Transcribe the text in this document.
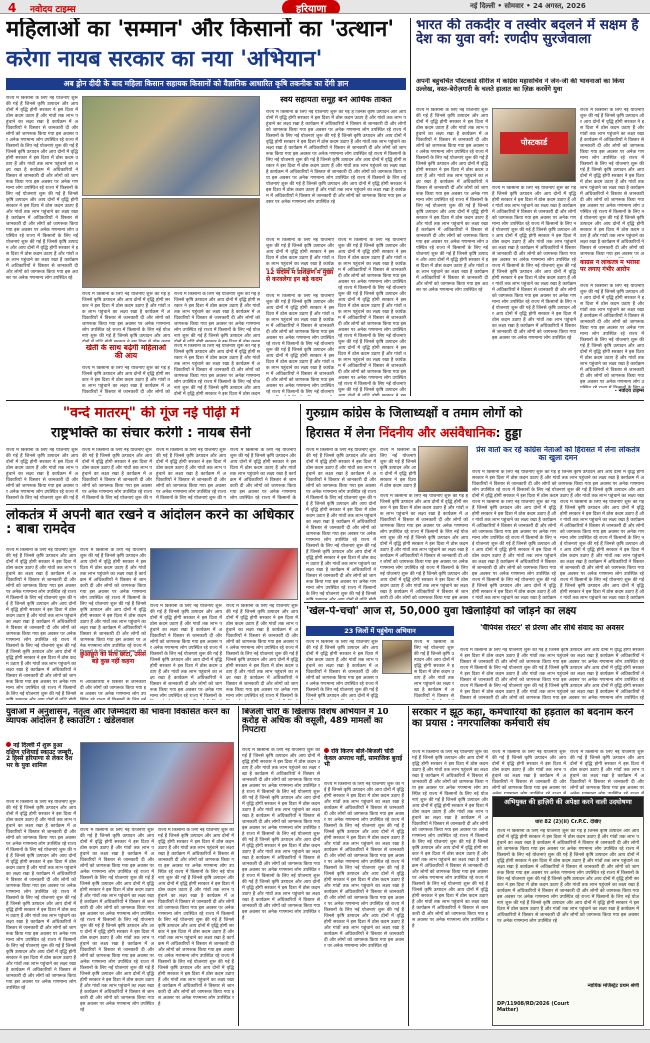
4 नवोदय टाइम्स	हरियाणा	नई दिल्ली • सोमवार • 24 अगस्त, 2026
महिलाओं का 'सम्मान' और किसानों का 'उत्थान'
करेगा नायब सरकार का नया 'अभियान'
अब ड्रोन दीदी के बाद महिला किसान सहायक किसानों को वैज्ञानिक आधारित कृषि तकनीक का देंगी ज्ञान
राज्य में किसानों के लिए नई योजनाएं शुरू की गई हैं जिनसे कृषि उत्पादन और आय दोनों में वृद्धि होगी सरकार ने इस दिशा में ठोस कदम उठाए हैं और गांवों तक लाभ पहुंचाने का लक्ष्य रखा है कार्यक्रम में अधिकारियों ने विस्तार से जानकारी दी और लोगों को जागरूक किया गया इस अवसर पर अनेक गणमान्य लोग उपस्थित रहे राज्य में किसानों के लिए नई योजनाएं शुरू की गई हैं जिनसे कृषि उत्पादन और आय दोनों में वृद्धि होगी सरकार ने इस दिशा में ठोस कदम उठाए हैं और गांवों तक लाभ पहुंचाने का लक्ष्य रखा है कार्यक्रम में अधिकारियों ने विस्तार से जानकारी दी और लोगों को जागरूक किया गया इस अवसर पर अनेक गणमान्य लोग उपस्थित रहे राज्य में किसानों के लिए नई योजनाएं शुरू की गई हैं जिनसे कृषि उत्पादन और आय दोनों में वृद्धि होगी सरकार ने इस दिशा में ठोस कदम उठाए हैं और गांवों तक लाभ पहुंचाने का लक्ष्य रखा है कार्यक्रम में अधिकारियों ने विस्तार से जानकारी दी और लोगों को जागरूक किया गया इस अवसर पर अनेक गणमान्य लोग उपस्थित रहे राज्य में किसानों के लिए नई योजनाएं शुरू की गई हैं जिनसे कृषि उत्पादन और आय दोनों में वृद्धि होगी सरकार ने इस दिशा में ठोस कदम उठाए हैं और गांवों तक लाभ पहुंचाने का लक्ष्य रखा है कार्यक्रम में अधिकारियों ने विस्तार से जानकारी दी और लोगों को जागरूक किया गया इस अवसर पर अनेक गणमान्य लोग उपस्थित रहे
राज्य में किसानों के लिए नई योजनाएं शुरू की गई हैं जिनसे कृषि उत्पादन और आय दोनों में वृद्धि होगी सरकार ने इस दिशा में ठोस कदम उठाए हैं और गांवों तक लाभ पहुंचाने का लक्ष्य रखा है कार्यक्रम में अधिकारियों ने विस्तार से जानकारी दी और लोगों को जागरूक किया गया इस अवसर पर अनेक गणमान्य लोग उपस्थित रहे राज्य में किसानों के लिए नई योजनाएं शुरू की गई हैं जिनसे कृषि उत्पादन और आय दोनों में वृद्धि होगी सरकार ने इस दिशा में ठोस कदम उठाए हैं और गांवों तक लाभ पहुंचाने का लक्ष्य रखा है कार्यक्रम में अधिकारियों ने विस्तार से जानकारी दी और लोगों को जागरूक किया गया इस अवसर पर अनेक गणमान्य लोग उपस्थित रहे राज्य में किसानों के लिए नई योजनाएं शुरू की गई हैं जिनसे कृषि उत्पादन और आय दोनों में वृद्धि होगी सरकार ने इस दिशा में ठोस कदम उठाए हैं और गांवों तक लाभ पहुंचाने का लक्ष्य रखा है कार्यक्रम में अधिकारियों ने विस्तार से जानकारी दी और लोगों को जागरूक किया गया इस अवसर पर अनेक गणमान्य लोग उपस्थित रहे राज्य में किसानों के लिए नई योजनाएं शुरू की गई हैं जिनसे कृषि उत्पादन और आय दोनों में वृद्धि होगी सरकार ने इस दिशा में ठोस कदम उठाए हैं और गांवों तक लाभ पहुंचाने का लक्ष्य रखा है कार्यक्रम में अधिकारियों ने विस्तार से जानकारी दी और लोगों को जागरूक किया गया इस अवसर पर अनेक गणमान्य लोग उपस्थित रहे
राज्य में किसानों के लिए नई योजनाएं शुरू की गई हैं जिनसे कृषि उत्पादन और आय दोनों में वृद्धि होगी सरकार ने इस दिशा में ठोस कदम उठाए हैं और गांवों तक लाभ पहुंचाने का लक्ष्य रखा है कार्यक्रम में अधिकारियों ने विस्तार से जानकारी दी और लोगों को जागरूक किया गया इस अवसर पर अनेक गणमान्य लोग उपस्थित रहे राज्य में किसानों के लिए नई योजनाएं शुरू की गई हैं जिनसे कृषि उत्पादन और आय दोनों में वृद्धि होगी सरकार ने इस दिशा में ठोस कदम उठाए हैं और गांवों तक लाभ पहुंचाने का लक्ष्य रखा है कार्यक्रम में अधिकारियों ने विस्तार से जानकारी दी और लोगों को जागरूक किया गया इस अवसर पर अनेक गणमान्य लोग उपस्थित रहे राज्य में किसानों के लिए नई योजनाएं शुरू की गई हैं जिनसे कृषि उत्पादन और आय दोनों में वृद्धि होगी सरकार ने इस दिशा में ठोस कदम उठाए हैं और गांवों तक लाभ पहुंचाने का लक्ष्य रखा है कार्यक्रम में अधिकारियों ने विस्तार से जानकारी दी और लोगों को जागरूक किया गया इस अवसर पर अनेक गणमान्य लोग उपस्थित रहे राज्य में किसानों के लिए नई योजनाएं शुरू की गई हैं जिनसे कृषि उत्पादन और आय दोनों में वृद्धि होगी सरकार ने इस दिशा में ठोस कदम उठाए हैं और गांवों तक लाभ पहुंचाने का लक्ष्य रखा है कार्यक्रम में अधिकारियों ने विस्तार से जानकारी दी और लोगों को जागरूक किया गया इस अवसर पर अनेक गणमान्य लोग उपस्थित रहे
खेती के साथ बढ़ेगी महिलाओं की आय
राज्य में किसानों के लिए नई योजनाएं शुरू की गई हैं जिनसे कृषि उत्पादन और आय दोनों में वृद्धि होगी सरकार ने इस दिशा में ठोस कदम उठाए हैं और गांवों तक लाभ पहुंचाने का लक्ष्य रखा है कार्यक्रम में अधिकारियों ने विस्तार से जानकारी दी और लोगों को जागरूक किया गया इस अवसर पर अनेक गणमान्य लोग उपस्थित रहे राज्य में किसानों के लिए नई योजनाएं शुरू की गई हैं जिनसे कृषि उत्पादन और आय दोनों में वृद्धि होगी सरकार ने इस दिशा में ठोस कदम उठाए हैं और गांवों तक लाभ पहुंचाने का लक्ष्य रखा है कार्यक्रम में अधिकारियों ने विस्तार से जानकारी दी और लोगों को जागरूक किया गया इस अवसर पर अनेक गणमान्य लोग उपस्थित रहे राज्य में किसानों के लिए नई योजनाएं शुरू की गई हैं जिनसे कृषि उत्पादन और आय दोनों में वृद्धि होगी सरकार ने इस दिशा में ठोस कदम उठाए हैं और गांवों तक लाभ पहुंचाने का लक्ष्य रखा है कार्यक्रम में अधिकारियों ने विस्तार से जानकारी दी और लोगों को जागरूक किया गया इस अवसर पर अनेक गणमान्य लोग उपस्थित रहे राज्य में किसानों के लिए नई योजनाएं शुरू की गई हैं जिनसे कृषि उत्पादन और आय दोनों में वृद्धि होगी सरकार ने इस दिशा में ठोस कदम उठाए हैं और गांवों तक लाभ पहुंचाने का लक्ष्य रखा है कार्यक्रम में अधिकारियों ने विस्तार से जानकारी दी और लोगों को जागरूक किया गया इस अवसर पर अनेक गणमान्य लोग उपस्थित रहे
राज्य में किसानों के लिए नई योजनाएं शुरू की गई हैं जिनसे कृषि उत्पादन और आय दोनों में वृद्धि होगी सरकार ने इस दिशा में ठोस कदम उठाए हैं और गांवों तक लाभ पहुंचाने का लक्ष्य रखा है कार्यक्रम में अधिकारियों ने विस्तार से जानकारी दी और लोगों को जागरूक किया गया इस अवसर पर अनेक गणमान्य लोग उपस्थित रहे राज्य में किसानों के लिए नई योजनाएं शुरू की गई हैं जिनसे कृषि उत्पादन और आय दोनों में वृद्धि होगी सरकार ने इस दिशा में ठोस कदम उठाए हैं और गांवों तक लाभ पहुंचाने का लक्ष्य रखा है कार्यक्रम में अधिकारियों ने विस्तार से जानकारी दी और लोगों को जागरूक किया गया इस अवसर पर अनेक गणमान्य लोग उपस्थित रहे राज्य में किसानों के लिए नई योजनाएं शुरू की गई हैं जिनसे कृषि उत्पादन और आय दोनों में वृद्धि होगी सरकार ने इस दिशा में ठोस कदम उठाए हैं और गांवों तक लाभ पहुंचाने का लक्ष्य रखा है कार्यक्रम में अधिकारियों ने विस्तार से जानकारी दी और लोगों को जागरूक किया गया इस अवसर पर अनेक गणमान्य लोग उपस्थित रहे राज्य में किसानों के लिए नई योजनाएं शुरू की गई हैं जिनसे कृषि उत्पादन और आय दोनों में वृद्धि होगी सरकार ने इस दिशा में ठोस कदम उठाए हैं और गांवों तक लाभ पहुंचाने का लक्ष्य रखा है कार्यक्रम में अधिकारियों ने विस्तार से जानकारी दी और लोगों को जागरूक किया गया इस अवसर पर अनेक गणमान्य लोग उपस्थित रहे
स्वयं सहायता समूह बने आर्थिक ताकत
राज्य में किसानों के लिए नई योजनाएं शुरू की गई हैं जिनसे कृषि उत्पादन और आय दोनों में वृद्धि होगी सरकार ने इस दिशा में ठोस कदम उठाए हैं और गांवों तक लाभ पहुंचाने का लक्ष्य रखा है कार्यक्रम में अधिकारियों ने विस्तार से जानकारी दी और लोगों को जागरूक किया गया इस अवसर पर अनेक गणमान्य लोग उपस्थित रहे राज्य में किसानों के लिए नई योजनाएं शुरू की गई हैं जिनसे कृषि उत्पादन और आय दोनों में वृद्धि होगी सरकार ने इस दिशा में ठोस कदम उठाए हैं और गांवों तक लाभ पहुंचाने का लक्ष्य रखा है कार्यक्रम में अधिकारियों ने विस्तार से जानकारी दी और लोगों को जागरूक किया गया इस अवसर पर अनेक गणमान्य लोग उपस्थित रहे राज्य में किसानों के लिए नई योजनाएं शुरू की गई हैं जिनसे कृषि उत्पादन और आय दोनों में वृद्धि होगी सरकार ने इस दिशा में ठोस कदम उठाए हैं और गांवों तक लाभ पहुंचाने का लक्ष्य रखा है कार्यक्रम में अधिकारियों ने विस्तार से जानकारी दी और लोगों को जागरूक किया गया इस अवसर पर अनेक गणमान्य लोग उपस्थित रहे राज्य में किसानों के लिए नई योजनाएं शुरू की गई हैं जिनसे कृषि उत्पादन और आय दोनों में वृद्धि होगी सरकार ने इस दिशा में ठोस कदम उठाए हैं और गांवों तक लाभ पहुंचाने का लक्ष्य रखा है कार्यक्रम में अधिकारियों ने विस्तार से जानकारी दी और लोगों को जागरूक किया गया इस अवसर पर अनेक गणमान्य लोग उपस्थित रहे
राज्य में किसानों के लिए नई योजनाएं शुरू की गई हैं जिनसे कृषि उत्पादन और आय दोनों में वृद्धि होगी सरकार ने इस दिशा में ठोस कदम उठाए हैं और गांवों तक लाभ पहुंचाने का लक्ष्य रखा है कार्यक्रम में अधिकारियों ने विस्तार से जानकारी दी और लोगों को जागरूक किया गया इस अवसर पर अनेक गणमान्य लोग उपस्थित रहे राज्य में किसानों के लिए नई योजनाएं शुरू की गई हैं जिनसे कृषि उत्पादन और आय दोनों में वृद्धि होगी सरकार ने इस दिशा में ठोस कदम उठाए हैं और गांवों तक लाभ पहुंचाने का लक्ष्य रखा है कार्यक्रम में अधिकारियों ने विस्तार से जानकारी दी और लोगों को जागरूक किया गया इस अवसर पर अनेक गणमान्य लोग उपस्थित रहे राज्य में किसानों के लिए नई योजनाएं शुरू की गई हैं जिनसे कृषि उत्पादन और आय दोनों में वृद्धि होगी सरकार ने इस दिशा में ठोस कदम उठाए हैं और गांवों तक लाभ पहुंचाने का लक्ष्य रखा है कार्यक्रम में अधिकारियों ने विस्तार से जानकारी दी और लोगों को जागरूक किया गया इस अवसर पर अनेक गणमान्य लोग उपस्थित रहे राज्य में किसानों के लिए नई योजनाएं शुरू की गई हैं जिनसे कृषि उत्पादन और आय दोनों में वृद्धि होगी सरकार ने इस दिशा में ठोस कदम उठाए हैं और गांवों तक लाभ पहुंचाने का लक्ष्य रखा है कार्यक्रम में अधिकारियों ने विस्तार से जानकारी दी और लोगों को जागरूक किया गया इस अवसर पर अनेक गणमान्य लोग उपस्थित रहे
12 सदस्य में प्रशिक्षण में मुख्य से करवलेगा इन बढ़े कदम
राज्य में किसानों के लिए नई योजनाएं शुरू की गई हैं जिनसे कृषि उत्पादन और आय दोनों में वृद्धि होगी सरकार ने इस दिशा में ठोस कदम उठाए हैं और गांवों तक लाभ पहुंचाने का लक्ष्य रखा है कार्यक्रम में अधिकारियों ने विस्तार से जानकारी दी और लोगों को जागरूक किया गया इस अवसर पर अनेक गणमान्य लोग उपस्थित रहे राज्य में किसानों के लिए नई योजनाएं शुरू की गई हैं जिनसे कृषि उत्पादन और आय दोनों में वृद्धि होगी सरकार ने इस दिशा में ठोस कदम उठाए हैं और गांवों तक लाभ पहुंचाने का लक्ष्य रखा है कार्यक्रम में अधिकारियों ने विस्तार से जानकारी दी और लोगों को जागरूक किया गया इस अवसर पर अनेक गणमान्य लोग उपस्थित रहे राज्य में किसानों के लिए नई योजनाएं शुरू की गई हैं जिनसे कृषि उत्पादन और आय दोनों में वृद्धि होगी सरकार ने इस दिशा में ठोस कदम उठाए हैं और गांवों तक लाभ पहुंचाने का लक्ष्य रखा है कार्यक्रम में अधिकारियों ने विस्तार से जानकारी दी और लोगों को जागरूक किया गया इस अवसर पर अनेक गणमान्य लोग उपस्थित रहे राज्य में किसानों के लिए नई योजनाएं शुरू की गई हैं जिनसे कृषि उत्पादन और आय दोनों में वृद्धि होगी सरकार ने इस दिशा में ठोस कदम उठाए हैं और गांवों तक लाभ पहुंचाने का लक्ष्य रखा है कार्यक्रम में अधिकारियों ने विस्तार से जानकारी दी और लोगों को जागरूक किया गया इस अवसर पर अनेक गणमान्य लोग उपस्थित रहे
राज्य में किसानों के लिए नई योजनाएं शुरू की गई हैं जिनसे कृषि उत्पादन और आय दोनों में वृद्धि होगी सरकार ने इस दिशा में ठोस कदम उठाए हैं और गांवों तक लाभ पहुंचाने का लक्ष्य रखा है कार्यक्रम में अधिकारियों ने विस्तार से जानकारी दी और लोगों को जागरूक किया गया इस अवसर पर अनेक गणमान्य लोग उपस्थित रहे राज्य में किसानों के लिए नई योजनाएं शुरू की गई हैं जिनसे कृषि उत्पादन और आय दोनों में वृद्धि होगी सरकार ने इस दिशा में ठोस कदम उठाए हैं और गांवों तक लाभ पहुंचाने का लक्ष्य रखा है कार्यक्रम में अधिकारियों ने विस्तार से जानकारी दी और लोगों को जागरूक किया गया इस अवसर पर अनेक गणमान्य लोग उपस्थित रहे राज्य में किसानों के लिए नई योजनाएं शुरू की गई हैं जिनसे कृषि उत्पादन और आय दोनों में वृद्धि होगी सरकार ने इस दिशा में ठोस कदम उठाए हैं और गांवों तक लाभ पहुंचाने का लक्ष्य रखा है कार्यक्रम में अधिकारियों ने विस्तार से जानकारी दी और लोगों को जागरूक किया गया इस अवसर पर अनेक गणमान्य लोग उपस्थित रहे राज्य में किसानों के लिए नई योजनाएं शुरू की गई हैं जिनसे कृषि उत्पादन और आय दोनों में वृद्धि होगी सरकार ने इस दिशा में ठोस कदम उठाए हैं और गांवों तक लाभ पहुंचाने का लक्ष्य रखा है कार्यक्रम में अधिकारियों ने विस्तार से जानकारी दी और लोगों को जागरूक किया गया इस अवसर पर अनेक गणमान्य लोग उपस्थित रहे
भारत की तकदीर व तस्वीर बदलने में सक्षम है देश का युवा वर्ग: रणदीप सुरजेवाला
अपनी बहुचर्चित पॉस्टकार्ड सीरीज में कांग्रेस महासचिव ने जेन-जी की भावनाओं का किया उल्लेख, वस्त-बेरोज़गारी के चलते हालात का ज़िक्र करवेंगे युवा
राज्य में किसानों के लिए नई योजनाएं शुरू की गई हैं जिनसे कृषि उत्पादन और आय दोनों में वृद्धि होगी सरकार ने इस दिशा में ठोस कदम उठाए हैं और गांवों तक लाभ पहुंचाने का लक्ष्य रखा है कार्यक्रम में अधिकारियों ने विस्तार से जानकारी दी और लोगों को जागरूक किया गया इस अवसर पर अनेक गणमान्य लोग उपस्थित रहे राज्य में किसानों के लिए नई योजनाएं शुरू की गई हैं जिनसे कृषि उत्पादन और आय दोनों में वृद्धि होगी सरकार ने इस दिशा में ठोस कदम उठाए हैं और गांवों तक लाभ पहुंचाने का लक्ष्य रखा है कार्यक्रम में अधिकारियों ने विस्तार से जानकारी दी और लोगों को जागरूक किया गया इस अवसर पर अनेक गणमान्य लोग उपस्थित रहे राज्य में किसानों के लिए नई योजनाएं शुरू की गई हैं जिनसे कृषि उत्पादन और आय दोनों में वृद्धि होगी सरकार ने इस दिशा में ठोस कदम उठाए हैं और गांवों तक लाभ पहुंचाने का लक्ष्य रखा है कार्यक्रम में अधिकारियों ने विस्तार से जानकारी दी और लोगों को जागरूक किया गया इस अवसर पर अनेक गणमान्य लोग उपस्थित रहे राज्य में किसानों के लिए नई योजनाएं शुरू की गई हैं जिनसे कृषि उत्पादन और आय दोनों में वृद्धि होगी सरकार ने इस दिशा में ठोस कदम उठाए हैं और गांवों तक लाभ पहुंचाने का लक्ष्य रखा है कार्यक्रम में अधिकारियों ने विस्तार से जानकारी दी और लोगों को जागरूक किया गया इस अवसर पर अनेक गणमान्य लोग उपस्थित रहे
पोस्टकार्ड
राज्य में किसानों के लिए नई योजनाएं शुरू की गई हैं जिनसे कृषि उत्पादन और आय दोनों में वृद्धि होगी सरकार ने इस दिशा में ठोस कदम उठाए हैं और गांवों तक लाभ पहुंचाने का लक्ष्य रखा है कार्यक्रम में अधिकारियों ने विस्तार से जानकारी दी और लोगों को जागरूक किया गया इस अवसर पर अनेक गणमान्य लोग उपस्थित रहे राज्य में किसानों के लिए नई योजनाएं शुरू की गई हैं जिनसे कृषि उत्पादन और आय दोनों में वृद्धि होगी सरकार ने इस दिशा में ठोस कदम उठाए हैं और गांवों तक लाभ पहुंचाने का लक्ष्य रखा है कार्यक्रम में अधिकारियों ने विस्तार से जानकारी दी और लोगों को जागरूक किया गया इस अवसर पर अनेक गणमान्य लोग उपस्थित रहे राज्य में किसानों के लिए नई योजनाएं शुरू की गई हैं जिनसे कृषि उत्पादन और आय दोनों में वृद्धि होगी सरकार ने इस दिशा में ठोस कदम उठाए हैं और गांवों तक लाभ पहुंचाने का लक्ष्य रखा है कार्यक्रम में अधिकारियों ने विस्तार से जानकारी दी और लोगों को जागरूक किया गया इस अवसर पर अनेक गणमान्य लोग उपस्थित रहे राज्य में किसानों के लिए नई योजनाएं शुरू की गई हैं जिनसे कृषि उत्पादन और आय दोनों में वृद्धि होगी सरकार ने इस दिशा में ठोस कदम उठाए हैं और गांवों तक लाभ पहुंचाने का लक्ष्य रखा है कार्यक्रम में अधिकारियों ने विस्तार से जानकारी दी और लोगों को जागरूक किया गया इस अवसर पर अनेक गणमान्य लोग उपस्थित रहे
राज्य में किसानों के लिए नई योजनाएं शुरू की गई हैं जिनसे कृषि उत्पादन और आय दोनों में वृद्धि होगी सरकार ने इस दिशा में ठोस कदम उठाए हैं और गांवों तक लाभ पहुंचाने का लक्ष्य रखा है कार्यक्रम में अधिकारियों ने विस्तार से जानकारी दी और लोगों को जागरूक किया गया इस अवसर पर अनेक गणमान्य लोग उपस्थित रहे राज्य में किसानों के लिए नई योजनाएं शुरू की गई हैं जिनसे कृषि उत्पादन और आय दोनों में वृद्धि होगी सरकार ने इस दिशा में ठोस कदम उठाए हैं और गांवों तक लाभ पहुंचाने का लक्ष्य रखा है कार्यक्रम में अधिकारियों ने विस्तार से जानकारी दी और लोगों को जागरूक किया गया इस अवसर पर अनेक गणमान्य लोग उपस्थित रहे राज्य में किसानों के लिए नई योजनाएं शुरू की गई हैं जिनसे कृषि उत्पादन और आय दोनों में वृद्धि होगी सरकार ने इस दिशा में ठोस कदम उठाए हैं और गांवों तक लाभ पहुंचाने का लक्ष्य रखा है कार्यक्रम में अधिकारियों ने विस्तार से जानकारी दी और लोगों को जागरूक किया गया इस अवसर पर अनेक गणमान्य लोग उपस्थित रहे राज्य में किसानों के लिए नई योजनाएं शुरू की गई हैं जिनसे कृषि उत्पादन और आय दोनों में वृद्धि होगी सरकार ने इस दिशा में ठोस कदम उठाए हैं और गांवों तक लाभ पहुंचाने का लक्ष्य रखा है कार्यक्रम में अधिकारियों ने विस्तार से जानकारी दी और लोगों को जागरूक किया गया इस अवसर पर अनेक गणमान्य लोग उपस्थित रहे
कांग्रेस ने लोकतंत्र में भरोसा पर लगाए गंभीर आरोप
राज्य में किसानों के लिए नई योजनाएं शुरू की गई हैं जिनसे कृषि उत्पादन और आय दोनों में वृद्धि होगी सरकार ने इस दिशा में ठोस कदम उठाए हैं और गांवों तक लाभ पहुंचाने का लक्ष्य रखा है कार्यक्रम में अधिकारियों ने विस्तार से जानकारी दी और लोगों को जागरूक किया गया इस अवसर पर अनेक गणमान्य लोग उपस्थित रहे राज्य में किसानों के लिए नई योजनाएं शुरू की गई हैं जिनसे कृषि उत्पादन और आय दोनों में वृद्धि होगी सरकार ने इस दिशा में ठोस कदम उठाए हैं और गांवों तक लाभ पहुंचाने का लक्ष्य रखा है कार्यक्रम में अधिकारियों ने विस्तार से जानकारी दी और लोगों को जागरूक किया गया इस अवसर पर अनेक गणमान्य लोग उपस्थित रहे राज्य में किसानों के लिए नई योजनाएं शुरू की गई हैं जिनसे कृषि उत्पादन और आय दोनों में वृद्धि होगी सरकार ने इस दिशा में ठोस कदम उठाए हैं और गांवों तक लाभ पहुंचाने का लक्ष्य रखा है कार्यक्रम में अधिकारियों ने विस्तार से जानकारी दी और लोगों को जागरूक किया गया इस अवसर पर अनेक गणमान्य लोग उपस्थित रहे राज्य में किसानों के लिए नई योजनाएं शुरू की गई हैं जिनसे कृषि उत्पादन और आय दोनों में वृद्धि होगी सरकार ने इस दिशा में ठोस कदम उठाए हैं और गांवों तक लाभ पहुंचाने का लक्ष्य रखा है कार्यक्रम में अधिकारियों ने विस्तार से जानकारी दी और लोगों को जागरूक किया गया इस अवसर पर अनेक गणमान्य लोग उपस्थित रहे
- नवोदय टाइम्स
"वन्दे मातरम्" की गूंज नई पीढ़ी में
राष्ट्रभक्ति का संचार करेगी : नायब सैनी
राज्य में किसानों के लिए नई योजनाएं शुरू की गई हैं जिनसे कृषि उत्पादन और आय दोनों में वृद्धि होगी सरकार ने इस दिशा में ठोस कदम उठाए हैं और गांवों तक लाभ पहुंचाने का लक्ष्य रखा है कार्यक्रम में अधिकारियों ने विस्तार से जानकारी दी और लोगों को जागरूक किया गया इस अवसर पर अनेक गणमान्य लोग उपस्थित रहे राज्य में किसानों के लिए नई योजनाएं शुरू की गई हैं जिनसे कृषि उत्पादन और आय दोनों में वृद्धि होगी सरकार ने इस दिशा में ठोस कदम उठाए हैं और गांवों तक लाभ पहुंचाने का लक्ष्य रखा है कार्यक्रम में अधिकारियों ने विस्तार से जानकारी दी और लोगों को जागरूक किया गया इस अवसर पर अनेक गणमान्य लोग उपस्थित रहे राज्य में किसानों के लिए नई योजनाएं शुरू की गई हैं जिनसे कृषि उत्पादन और आय दोनों में वृद्धि होगी सरकार ने इस दिशा में ठोस कदम उठाए हैं और गांवों तक लाभ पहुंचाने का लक्ष्य रखा है कार्यक्रम में अधिकारियों ने विस्तार से जानकारी दी और लोगों को जागरूक किया गया इस अवसर पर अनेक गणमान्य लोग उपस्थित रहे राज्य में किसानों के लिए नई योजनाएं शुरू की गई हैं जिनसे कृषि उत्पादन और आय दोनों में वृद्धि होगी सरकार ने इस दिशा में ठोस कदम उठाए हैं और गांवों तक लाभ पहुंचाने का लक्ष्य रखा है कार्यक्रम में अधिकारियों ने विस्तार से जानकारी दी और लोगों को जागरूक किया गया इस अवसर पर अनेक गणमान्य लोग उपस्थित रहे
राज्य में किसानों के लिए नई योजनाएं शुरू की गई हैं जिनसे कृषि उत्पादन और आय दोनों में वृद्धि होगी सरकार ने इस दिशा में ठोस कदम उठाए हैं और गांवों तक लाभ पहुंचाने का लक्ष्य रखा है कार्यक्रम में अधिकारियों ने विस्तार से जानकारी दी और लोगों को जागरूक किया गया इस अवसर पर अनेक गणमान्य लोग उपस्थित रहे राज्य में किसानों के लिए नई योजनाएं शुरू की गई हैं जिनसे कृषि उत्पादन और आय दोनों में वृद्धि होगी सरकार ने इस दिशा में ठोस कदम उठाए हैं और गांवों तक लाभ पहुंचाने का लक्ष्य रखा है कार्यक्रम में अधिकारियों ने विस्तार से जानकारी दी और लोगों को जागरूक किया गया इस अवसर पर अनेक गणमान्य लोग उपस्थित रहे राज्य में किसानों के लिए नई योजनाएं शुरू की गई हैं जिनसे कृषि उत्पादन और आय दोनों में वृद्धि होगी सरकार ने इस दिशा में ठोस कदम उठाए हैं और गांवों तक लाभ पहुंचाने का लक्ष्य रखा है कार्यक्रम में अधिकारियों ने विस्तार से जानकारी दी और लोगों को जागरूक किया गया इस अवसर पर अनेक गणमान्य लोग उपस्थित रहे राज्य में किसानों के लिए नई योजनाएं शुरू की गई हैं जिनसे कृषि उत्पादन और आय दोनों में वृद्धि होगी सरकार ने इस दिशा में ठोस कदम उठाए हैं और गांवों तक लाभ पहुंचाने का लक्ष्य रखा है कार्यक्रम में अधिकारियों ने विस्तार से जानकारी दी और लोगों को जागरूक किया गया इस अवसर पर अनेक गणमान्य लोग उपस्थित रहे
राज्य में किसानों के लिए नई योजनाएं शुरू की गई हैं जिनसे कृषि उत्पादन और आय दोनों में वृद्धि होगी सरकार ने इस दिशा में ठोस कदम उठाए हैं और गांवों तक लाभ पहुंचाने का लक्ष्य रखा है कार्यक्रम में अधिकारियों ने विस्तार से जानकारी दी और लोगों को जागरूक किया गया इस अवसर पर अनेक गणमान्य लोग उपस्थित रहे राज्य में किसानों के लिए नई योजनाएं शुरू की गई हैं जिनसे कृषि उत्पादन और आय दोनों में वृद्धि होगी सरकार ने इस दिशा में ठोस कदम उठाए हैं और गांवों तक लाभ पहुंचाने का लक्ष्य रखा है कार्यक्रम में अधिकारियों ने विस्तार से जानकारी दी और लोगों को जागरूक किया गया इस अवसर पर अनेक गणमान्य लोग उपस्थित रहे राज्य में किसानों के लिए नई योजनाएं शुरू की गई हैं जिनसे कृषि उत्पादन और आय दोनों में वृद्धि होगी सरकार ने इस दिशा में ठोस कदम उठाए हैं और गांवों तक लाभ पहुंचाने का लक्ष्य रखा है कार्यक्रम में अधिकारियों ने विस्तार से जानकारी दी और लोगों को जागरूक किया गया इस अवसर पर अनेक गणमान्य लोग उपस्थित रहे राज्य में किसानों के लिए नई योजनाएं शुरू की गई हैं जिनसे कृषि उत्पादन और आय दोनों में वृद्धि होगी सरकार ने इस दिशा में ठोस कदम उठाए हैं और गांवों तक लाभ पहुंचाने का लक्ष्य रखा है कार्यक्रम में अधिकारियों ने विस्तार से जानकारी दी और लोगों को जागरूक किया गया इस अवसर पर अनेक गणमान्य लोग उपस्थित रहे
राज्य में किसानों के लिए नई योजनाएं शुरू की गई हैं जिनसे कृषि उत्पादन और आय दोनों में वृद्धि होगी सरकार ने इस दिशा में ठोस कदम उठाए हैं और गांवों तक लाभ पहुंचाने का लक्ष्य रखा है कार्यक्रम में अधिकारियों ने विस्तार से जानकारी दी और लोगों को जागरूक किया गया इस अवसर पर अनेक गणमान्य लोग उपस्थित रहे राज्य में किसानों के लिए नई योजनाएं शुरू की गई हैं जिनसे कृषि उत्पादन और आय दोनों में वृद्धि होगी सरकार ने इस दिशा में ठोस कदम उठाए हैं और गांवों तक लाभ पहुंचाने का लक्ष्य रखा है कार्यक्रम में अधिकारियों ने विस्तार से जानकारी दी और लोगों को जागरूक किया गया इस अवसर पर अनेक गणमान्य लोग उपस्थित रहे राज्य में किसानों के लिए नई योजनाएं शुरू की गई हैं जिनसे कृषि उत्पादन और आय दोनों में वृद्धि होगी सरकार ने इस दिशा में ठोस कदम उठाए हैं और गांवों तक लाभ पहुंचाने का लक्ष्य रखा है कार्यक्रम में अधिकारियों ने विस्तार से जानकारी दी और लोगों को जागरूक किया गया इस अवसर पर अनेक गणमान्य लोग उपस्थित रहे राज्य में किसानों के लिए नई योजनाएं शुरू की गई हैं जिनसे कृषि उत्पादन और आय दोनों में वृद्धि होगी सरकार ने इस दिशा में ठोस कदम उठाए हैं और गांवों तक लाभ पहुंचाने का लक्ष्य रखा है कार्यक्रम में अधिकारियों ने विस्तार से जानकारी दी और लोगों को जागरूक किया गया इस अवसर पर अनेक गणमान्य लोग उपस्थित रहे
गुरुग्राम कांग्रेस के जिलाध्यक्षों व तमाम लोगों को
हिरासत में लेना निंदनीय और असंवैधानिक: हुड्डा
राज्य में किसानों के लिए नई योजनाएं शुरू की गई हैं जिनसे कृषि उत्पादन और आय दोनों में वृद्धि होगी सरकार ने इस दिशा में ठोस कदम उठाए हैं और गांवों तक लाभ पहुंचाने का लक्ष्य रखा है कार्यक्रम में अधिकारियों ने विस्तार से जानकारी दी और लोगों को जागरूक किया गया इस अवसर पर अनेक गणमान्य लोग उपस्थित रहे राज्य में किसानों के लिए नई योजनाएं शुरू की गई हैं जिनसे कृषि उत्पादन और आय दोनों में वृद्धि होगी सरकार ने इस दिशा में ठोस कदम उठाए हैं और गांवों तक लाभ पहुंचाने का लक्ष्य रखा है कार्यक्रम में अधिकारियों ने विस्तार से जानकारी दी और लोगों को जागरूक किया गया इस अवसर पर अनेक गणमान्य लोग उपस्थित रहे राज्य में किसानों के लिए नई योजनाएं शुरू की गई हैं जिनसे कृषि उत्पादन और आय दोनों में वृद्धि होगी सरकार ने इस दिशा में ठोस कदम उठाए हैं और गांवों तक लाभ पहुंचाने का लक्ष्य रखा है कार्यक्रम में अधिकारियों ने विस्तार से जानकारी दी और लोगों को जागरूक किया गया इस अवसर पर अनेक गणमान्य लोग उपस्थित रहे राज्य में किसानों के लिए नई योजनाएं शुरू की गई हैं जिनसे कृषि उत्पादन और आय दोनों में वृद्धि होगी सरकार ने इस दिशा में ठोस कदम उठाए हैं और गांवों तक लाभ पहुंचाने का लक्ष्य रखा है कार्यक्रम में अधिकारियों ने विस्तार से जानकारी दी और लोगों को जागरूक किया गया इस अवसर पर अनेक गणमान्य लोग उपस्थित रहे
राज्य में किसानों के लिए नई योजनाएं शुरू की गई हैं जिनसे कृषि उत्पादन और आय दोनों में वृद्धि होगी सरकार ने इस दिशा में ठोस कदम उठाए हैं और गांवों तक लाभ पहुंचाने का लक्ष्य रखा है कार्यक्रम में अधिकारियों ने विस्तार से जानकारी दी और लोगों को जागरूक किया गया इस अवसर पर अनेक गणमान्य लोग उपस्थित रहे राज्य में किसानों के लिए नई योजनाएं शुरू की गई हैं जिनसे कृषि उत्पादन और आय दोनों में वृद्धि होगी सरकार ने इस दिशा में ठोस कदम उठाए हैं और गांवों तक लाभ पहुंचाने का लक्ष्य रखा है कार्यक्रम में अधिकारियों ने विस्तार से जानकारी दी और लोगों को जागरूक किया गया इस अवसर पर अनेक गणमान्य लोग उपस्थित रहे राज्य में किसानों के लिए नई योजनाएं शुरू की गई हैं जिनसे कृषि उत्पादन और आय दोनों में वृद्धि होगी सरकार ने इस दिशा में ठोस कदम उठाए हैं और गांवों तक लाभ पहुंचाने का लक्ष्य रखा है कार्यक्रम में अधिकारियों ने विस्तार से जानकारी दी और लोगों को जागरूक किया गया इस अवसर पर अनेक गणमान्य लोग उपस्थित रहे राज्य में किसानों के लिए नई योजनाएं शुरू की गई हैं जिनसे कृषि उत्पादन और आय दोनों में वृद्धि होगी सरकार ने इस दिशा में ठोस कदम उठाए हैं और गांवों तक लाभ पहुंचाने का लक्ष्य रखा है कार्यक्रम में अधिकारियों ने विस्तार से जानकारी दी और लोगों को जागरूक किया गया इस अवसर पर अनेक गणमान्य लोग उपस्थित रहे
राज्य में किसानों के लिए नई योजनाएं शुरू की गई हैं जिनसे कृषि उत्पादन और आय दोनों में वृद्धि होगी सरकार ने इस दिशा में ठोस कदम उठाए हैं और गांवों तक लाभ पहुंचाने का लक्ष्य रखा है कार्यक्रम में अधिकारियों ने विस्तार से जानकारी दी और लोगों को जागरूक किया गया इस अवसर पर अनेक गणमान्य लोग उपस्थित रहे राज्य में किसानों के लिए नई योजनाएं शुरू की गई हैं जिनसे कृषि उत्पादन और आय दोनों में वृद्धि होगी सरकार ने इस दिशा में ठोस कदम उठाए हैं और गांवों तक लाभ पहुंचाने का लक्ष्य रखा है कार्यक्रम में अधिकारियों ने विस्तार से जानकारी दी और लोगों को जागरूक किया गया इस अवसर पर अनेक गणमान्य लोग उपस्थित रहे राज्य में किसानों के लिए नई योजनाएं शुरू की गई हैं जिनसे कृषि उत्पादन और आय दोनों में वृद्धि होगी सरकार ने इस दिशा में ठोस कदम उठाए हैं और गांवों तक लाभ पहुंचाने का लक्ष्य रखा है कार्यक्रम में अधिकारियों ने विस्तार से जानकारी दी और लोगों को जागरूक किया गया इस अवसर पर अनेक गणमान्य लोग उपस्थित रहे राज्य में किसानों के लिए नई योजनाएं शुरू की गई हैं जिनसे कृषि उत्पादन और आय दोनों में वृद्धि होगी सरकार ने इस दिशा में ठोस कदम उठाए हैं और गांवों तक लाभ पहुंचाने का लक्ष्य रखा है कार्यक्रम में अधिकारियों ने विस्तार से जानकारी दी और लोगों को जागरूक किया गया इस अवसर पर अनेक गणमान्य लोग उपस्थित रहे
प्रेस वार्ता कर रहे कांग्रेस नेताओं को हिरासत में लेना लोकतंत्र का खुला दमन
राज्य में किसानों के लिए नई योजनाएं शुरू की गई हैं जिनसे कृषि उत्पादन और आय दोनों में वृद्धि होगी सरकार ने इस दिशा में ठोस कदम उठाए हैं और गांवों तक लाभ पहुंचाने का लक्ष्य रखा है कार्यक्रम में अधिकारियों ने विस्तार से जानकारी दी और लोगों को जागरूक किया गया इस अवसर पर अनेक गणमान्य लोग उपस्थित रहे राज्य में किसानों के लिए नई योजनाएं शुरू की गई हैं जिनसे कृषि उत्पादन और आय दोनों में वृद्धि होगी सरकार ने इस दिशा में ठोस कदम उठाए हैं और गांवों तक लाभ पहुंचाने का लक्ष्य रखा है कार्यक्रम में अधिकारियों ने विस्तार से जानकारी दी और लोगों को जागरूक किया गया इस अवसर पर अनेक गणमान्य लोग उपस्थित रहे राज्य में किसानों के लिए नई योजनाएं शुरू की गई हैं जिनसे कृषि उत्पादन और आय दोनों में वृद्धि होगी सरकार ने इस दिशा में ठोस कदम उठाए हैं और गांवों तक लाभ पहुंचाने का लक्ष्य रखा है कार्यक्रम में अधिकारियों ने विस्तार से जानकारी दी और लोगों को जागरूक किया गया इस अवसर पर अनेक गणमान्य लोग उपस्थित रहे राज्य में किसानों के लिए नई योजनाएं शुरू की गई हैं जिनसे कृषि उत्पादन और आय दोनों में वृद्धि होगी सरकार ने इस दिशा में ठोस कदम उठाए हैं और गांवों तक लाभ पहुंचाने का लक्ष्य रखा है कार्यक्रम में अधिकारियों ने विस्तार से जानकारी दी और लोगों को जागरूक किया गया इस अवसर पर अनेक गणमान्य लोग उपस्थित रहे
राज्य में किसानों के लिए नई योजनाएं शुरू की गई हैं जिनसे कृषि उत्पादन और आय दोनों में वृद्धि होगी सरकार ने इस दिशा में ठोस कदम उठाए हैं और गांवों तक लाभ पहुंचाने का लक्ष्य रखा है कार्यक्रम में अधिकारियों ने विस्तार से जानकारी दी और लोगों को जागरूक किया गया इस अवसर पर अनेक गणमान्य लोग उपस्थित रहे राज्य में किसानों के लिए नई योजनाएं शुरू की गई हैं जिनसे कृषि उत्पादन और आय दोनों में वृद्धि होगी सरकार ने इस दिशा में ठोस कदम उठाए हैं और गांवों तक लाभ पहुंचाने का लक्ष्य रखा है कार्यक्रम में अधिकारियों ने विस्तार से जानकारी दी और लोगों को जागरूक किया गया इस अवसर पर अनेक गणमान्य लोग उपस्थित रहे राज्य में किसानों के लिए नई योजनाएं शुरू की गई हैं जिनसे कृषि उत्पादन और आय दोनों में वृद्धि होगी सरकार ने इस दिशा में ठोस कदम उठाए हैं और गांवों तक लाभ पहुंचाने का लक्ष्य रखा है कार्यक्रम में अधिकारियों ने विस्तार से जानकारी दी और लोगों को जागरूक किया गया इस अवसर पर अनेक गणमान्य लोग उपस्थित रहे राज्य में किसानों के लिए नई योजनाएं शुरू की गई हैं जिनसे कृषि उत्पादन और आय दोनों में वृद्धि होगी सरकार ने इस दिशा में ठोस कदम उठाए हैं और गांवों तक लाभ पहुंचाने का लक्ष्य रखा है कार्यक्रम में अधिकारियों ने विस्तार से जानकारी दी और लोगों को जागरूक किया गया इस अवसर पर अनेक गणमान्य लोग उपस्थित रहे
राज्य में किसानों के लिए नई योजनाएं शुरू की गई हैं जिनसे कृषि उत्पादन और आय दोनों में वृद्धि होगी सरकार ने इस दिशा में ठोस कदम उठाए हैं और गांवों तक लाभ पहुंचाने का लक्ष्य रखा है कार्यक्रम में अधिकारियों ने विस्तार से जानकारी दी और लोगों को जागरूक किया गया इस अवसर पर अनेक गणमान्य लोग उपस्थित रहे राज्य में किसानों के लिए नई योजनाएं शुरू की गई हैं जिनसे कृषि उत्पादन और आय दोनों में वृद्धि होगी सरकार ने इस दिशा में ठोस कदम उठाए हैं और गांवों तक लाभ पहुंचाने का लक्ष्य रखा है कार्यक्रम में अधिकारियों ने विस्तार से जानकारी दी और लोगों को जागरूक किया गया इस अवसर पर अनेक गणमान्य लोग उपस्थित रहे राज्य में किसानों के लिए नई योजनाएं शुरू की गई हैं जिनसे कृषि उत्पादन और आय दोनों में वृद्धि होगी सरकार ने इस दिशा में ठोस कदम उठाए हैं और गांवों तक लाभ पहुंचाने का लक्ष्य रखा है कार्यक्रम में अधिकारियों ने विस्तार से जानकारी दी और लोगों को जागरूक किया गया इस अवसर पर अनेक गणमान्य लोग उपस्थित रहे राज्य में किसानों के लिए नई योजनाएं शुरू की गई हैं जिनसे कृषि उत्पादन और आय दोनों में वृद्धि होगी सरकार ने इस दिशा में ठोस कदम उठाए हैं और गांवों तक लाभ पहुंचाने का लक्ष्य रखा है कार्यक्रम में अधिकारियों ने विस्तार से जानकारी दी और लोगों को जागरूक किया गया इस अवसर पर अनेक गणमान्य लोग उपस्थित रहे
लोकतंत्र में अपनी बात रखने व आंदोलन करने का अधिकार : बाबा रामदेव
राज्य में किसानों के लिए नई योजनाएं शुरू की गई हैं जिनसे कृषि उत्पादन और आय दोनों में वृद्धि होगी सरकार ने इस दिशा में ठोस कदम उठाए हैं और गांवों तक लाभ पहुंचाने का लक्ष्य रखा है कार्यक्रम में अधिकारियों ने विस्तार से जानकारी दी और लोगों को जागरूक किया गया इस अवसर पर अनेक गणमान्य लोग उपस्थित रहे राज्य में किसानों के लिए नई योजनाएं शुरू की गई हैं जिनसे कृषि उत्पादन और आय दोनों में वृद्धि होगी सरकार ने इस दिशा में ठोस कदम उठाए हैं और गांवों तक लाभ पहुंचाने का लक्ष्य रखा है कार्यक्रम में अधिकारियों ने विस्तार से जानकारी दी और लोगों को जागरूक किया गया इस अवसर पर अनेक गणमान्य लोग उपस्थित रहे राज्य में किसानों के लिए नई योजनाएं शुरू की गई हैं जिनसे कृषि उत्पादन और आय दोनों में वृद्धि होगी सरकार ने इस दिशा में ठोस कदम उठाए हैं और गांवों तक लाभ पहुंचाने का लक्ष्य रखा है कार्यक्रम में अधिकारियों ने विस्तार से जानकारी दी और लोगों को जागरूक किया गया इस अवसर पर अनेक गणमान्य लोग उपस्थित रहे राज्य में किसानों के लिए नई योजनाएं शुरू की गई हैं जिनसे कृषि उत्पादन और आय दोनों में वृद्धि होगी सरकार ने इस दिशा में ठोस कदम उठाए हैं और गांवों तक लाभ पहुंचाने का लक्ष्य रखा है कार्यक्रम में अधिकारियों ने विस्तार से जानकारी दी और लोगों को जागरूक किया गया इस अवसर पर अनेक गणमान्य लोग उपस्थित रहे
राज्य में किसानों के लिए नई योजनाएं शुरू की गई हैं जिनसे कृषि उत्पादन और आय दोनों में वृद्धि होगी सरकार ने इस दिशा में ठोस कदम उठाए हैं और गांवों तक लाभ पहुंचाने का लक्ष्य रखा है कार्यक्रम में अधिकारियों ने विस्तार से जानकारी दी और लोगों को जागरूक किया गया इस अवसर पर अनेक गणमान्य लोग उपस्थित रहे राज्य में किसानों के लिए नई योजनाएं शुरू की गई हैं जिनसे कृषि उत्पादन और आय दोनों में वृद्धि होगी सरकार ने इस दिशा में ठोस कदम उठाए हैं और गांवों तक लाभ पहुंचाने का लक्ष्य रखा है कार्यक्रम में अधिकारियों ने विस्तार से जानकारी दी और लोगों को जागरूक किया गया इस अवसर पर अनेक गणमान्य लोग उपस्थित रहे राज्य में किसानों के लिए नई योजनाएं शुरू की गई हैं जिनसे कृषि उत्पादन और आय दोनों में वृद्धि होगी सरकार ने इस दिशा में ठोस कदम उठाए हैं और गांवों तक लाभ पहुंचाने का लक्ष्य रखा है कार्यक्रम में अधिकारियों ने विस्तार से जानकारी दी और लोगों को जागरूक किया गया इस अवसर पर अनेक गणमान्य लोग उपस्थित रहे राज्य में किसानों के लिए नई योजनाएं शुरू की गई हैं जिनसे कृषि उत्पादन और आय दोनों में वृद्धि होगी सरकार ने इस दिशा में ठोस कदम उठाए हैं और गांवों तक लाभ पहुंचाने का लक्ष्य रखा है कार्यक्रम में अधिकारियों ने विस्तार से जानकारी दी और लोगों को जागरूक किया गया इस अवसर पर अनेक गणमान्य लोग उपस्थित रहे
राज्य में किसानों के लिए नई योजनाएं शुरू की गई हैं जिनसे कृषि उत्पादन और आय दोनों में वृद्धि होगी सरकार ने इस दिशा में ठोस कदम उठाए हैं और गांवों तक लाभ पहुंचाने का लक्ष्य रखा है कार्यक्रम में अधिकारियों ने विस्तार से जानकारी दी और लोगों को जागरूक किया गया इस अवसर पर अनेक गणमान्य लोग उपस्थित रहे राज्य में किसानों के लिए नई योजनाएं शुरू की गई हैं जिनसे कृषि उत्पादन और आय दोनों में वृद्धि होगी सरकार ने इस दिशा में ठोस कदम उठाए हैं और गांवों तक लाभ पहुंचाने का लक्ष्य रखा है कार्यक्रम में अधिकारियों ने विस्तार से जानकारी दी और लोगों को जागरूक किया गया इस अवसर पर अनेक गणमान्य लोग उपस्थित रहे राज्य में किसानों के लिए नई योजनाएं शुरू की गई हैं जिनसे कृषि उत्पादन और आय दोनों में वृद्धि होगी सरकार ने इस दिशा में ठोस कदम उठाए हैं और गांवों तक लाभ पहुंचाने का लक्ष्य रखा है कार्यक्रम में अधिकारियों ने विस्तार से जानकारी दी और लोगों को जागरूक किया गया इस अवसर पर अनेक गणमान्य लोग उपस्थित रहे राज्य में किसानों के लिए नई योजनाएं शुरू की गई हैं जिनसे कृषि उत्पादन और आय दोनों में वृद्धि होगी सरकार ने इस दिशा में ठोस कदम उठाए हैं और गांवों तक लाभ पहुंचाने का लक्ष्य रखा है कार्यक्रम में अधिकारियों ने विस्तार से जानकारी दी और लोगों को जागरूक किया गया इस अवसर पर अनेक गणमान्य लोग उपस्थित रहे
राज्य में किसानों के लिए नई योजनाएं शुरू की गई हैं जिनसे कृषि उत्पादन और आय दोनों में वृद्धि होगी सरकार ने इस दिशा में ठोस कदम उठाए हैं और गांवों तक लाभ पहुंचाने का लक्ष्य रखा है कार्यक्रम में अधिकारियों ने विस्तार से जानकारी दी और लोगों को जागरूक किया गया इस अवसर पर अनेक गणमान्य लोग उपस्थित रहे राज्य में किसानों के लिए नई योजनाएं शुरू की गई हैं जिनसे कृषि उत्पादन और आय दोनों में वृद्धि होगी सरकार ने इस दिशा में ठोस कदम उठाए हैं और गांवों तक लाभ पहुंचाने का लक्ष्य रखा है कार्यक्रम में अधिकारियों ने विस्तार से जानकारी दी और लोगों को जागरूक किया गया इस अवसर पर अनेक गणमान्य लोग उपस्थित रहे राज्य में किसानों के लिए नई योजनाएं शुरू की गई हैं जिनसे कृषि उत्पादन और आय दोनों में वृद्धि होगी सरकार ने इस दिशा में ठोस कदम उठाए हैं और गांवों तक लाभ पहुंचाने का लक्ष्य रखा है कार्यक्रम में अधिकारियों ने विस्तार से जानकारी दी और लोगों को जागरूक किया गया इस अवसर पर अनेक गणमान्य लोग उपस्थित रहे राज्य में किसानों के लिए नई योजनाएं शुरू की गई हैं जिनसे कृषि उत्पादन और आय दोनों में वृद्धि होगी सरकार ने इस दिशा में ठोस कदम उठाए हैं और गांवों तक लाभ पहुंचाने का लक्ष्य रखा है कार्यक्रम में अधिकारियों ने विस्तार से जानकारी दी और लोगों को जागरूक किया गया इस अवसर पर अनेक गणमान्य लोग उपस्थित रहे
छुआछूत की सोच छोटी, उससे बड़े कुछ नहीं कहना
'खेल-पे-चर्चा' आज से, 50,000 युवा खिलाड़ियों को जोड़ने का लक्ष्य
23 जिलों में पहुंचेगा अभियान
राज्य में किसानों के लिए नई योजनाएं शुरू की गई हैं जिनसे कृषि उत्पादन और आय दोनों में वृद्धि होगी सरकार ने इस दिशा में ठोस कदम उठाए हैं और गांवों तक लाभ पहुंचाने का लक्ष्य रखा है कार्यक्रम में अधिकारियों ने विस्तार से जानकारी दी और लोगों को जागरूक किया गया इस अवसर पर अनेक गणमान्य लोग उपस्थित रहे राज्य में किसानों के लिए नई योजनाएं शुरू की गई हैं जिनसे कृषि उत्पादन और आय दोनों में वृद्धि होगी सरकार ने इस दिशा में ठोस कदम उठाए हैं और गांवों तक लाभ पहुंचाने का लक्ष्य रखा है कार्यक्रम में अधिकारियों ने विस्तार से जानकारी दी और लोगों को जागरूक किया गया इस अवसर पर अनेक गणमान्य लोग उपस्थित रहे राज्य में किसानों के लिए नई योजनाएं शुरू की गई हैं जिनसे कृषि उत्पादन और आय दोनों में वृद्धि होगी सरकार ने इस दिशा में ठोस कदम उठाए हैं और गांवों तक लाभ पहुंचाने का लक्ष्य रखा है कार्यक्रम में अधिकारियों ने विस्तार से जानकारी दी और लोगों को जागरूक किया गया इस अवसर पर अनेक गणमान्य लोग उपस्थित रहे राज्य में किसानों के लिए नई योजनाएं शुरू की गई हैं जिनसे कृषि उत्पादन और आय दोनों में वृद्धि होगी सरकार ने इस दिशा में ठोस कदम उठाए हैं और गांवों तक लाभ पहुंचाने का लक्ष्य रखा है कार्यक्रम में अधिकारियों ने विस्तार से जानकारी दी और लोगों को जागरूक किया गया इस अवसर पर अनेक गणमान्य लोग उपस्थित रहे
राज्य में किसानों के लिए नई योजनाएं शुरू की गई हैं जिनसे कृषि उत्पादन और आय दोनों में वृद्धि होगी सरकार ने इस दिशा में ठोस कदम उठाए हैं और गांवों तक लाभ पहुंचाने का लक्ष्य रखा है कार्यक्रम में अधिकारियों ने विस्तार से जानकारी दी और लोगों को जागरूक किया गया इस अवसर पर अनेक गणमान्य लोग उपस्थित रहे राज्य में किसानों के लिए नई योजनाएं शुरू की गई हैं जिनसे कृषि उत्पादन और आय दोनों में वृद्धि होगी सरकार ने इस दिशा में ठोस कदम उठाए हैं और गांवों तक लाभ पहुंचाने का लक्ष्य रखा है कार्यक्रम में अधिकारियों ने विस्तार से जानकारी दी और लोगों को जागरूक किया गया इस अवसर पर अनेक गणमान्य लोग उपस्थित रहे राज्य में किसानों के लिए नई योजनाएं शुरू की गई हैं जिनसे कृषि उत्पादन और आय दोनों में वृद्धि होगी सरकार ने इस दिशा में ठोस कदम उठाए हैं और गांवों तक लाभ पहुंचाने का लक्ष्य रखा है कार्यक्रम में अधिकारियों ने विस्तार से जानकारी दी और लोगों को जागरूक किया गया इस अवसर पर अनेक गणमान्य लोग उपस्थित रहे राज्य में किसानों के लिए नई योजनाएं शुरू की गई हैं जिनसे कृषि उत्पादन और आय दोनों में वृद्धि होगी सरकार ने इस दिशा में ठोस कदम उठाए हैं और गांवों तक लाभ पहुंचाने का लक्ष्य रखा है कार्यक्रम में अधिकारियों ने विस्तार से जानकारी दी और लोगों को जागरूक किया गया इस अवसर पर अनेक गणमान्य लोग उपस्थित रहे	'चैंपियंस रोस्टर' से प्रेरणा और सीधे संवाद का अवसर
राज्य में किसानों के लिए नई योजनाएं शुरू की गई हैं जिनसे कृषि उत्पादन और आय दोनों में वृद्धि होगी सरकार ने इस दिशा में ठोस कदम उठाए हैं और गांवों तक लाभ पहुंचाने का लक्ष्य रखा है कार्यक्रम में अधिकारियों ने विस्तार से जानकारी दी और लोगों को जागरूक किया गया इस अवसर पर अनेक गणमान्य लोग उपस्थित रहे राज्य में किसानों के लिए नई योजनाएं शुरू की गई हैं जिनसे कृषि उत्पादन और आय दोनों में वृद्धि होगी सरकार ने इस दिशा में ठोस कदम उठाए हैं और गांवों तक लाभ पहुंचाने का लक्ष्य रखा है कार्यक्रम में अधिकारियों ने विस्तार से जानकारी दी और लोगों को जागरूक किया गया इस अवसर पर अनेक गणमान्य लोग उपस्थित रहे राज्य में किसानों के लिए नई योजनाएं शुरू की गई हैं जिनसे कृषि उत्पादन और आय दोनों में वृद्धि होगी सरकार ने इस दिशा में ठोस कदम उठाए हैं और गांवों तक लाभ पहुंचाने का लक्ष्य रखा है कार्यक्रम में अधिकारियों ने विस्तार से जानकारी दी और लोगों को जागरूक किया गया इस अवसर पर अनेक गणमान्य लोग उपस्थित रहे राज्य में किसानों के लिए नई योजनाएं शुरू की गई हैं जिनसे कृषि उत्पादन और आय दोनों में वृद्धि होगी सरकार ने इस दिशा में ठोस कदम उठाए हैं और गांवों तक लाभ पहुंचाने का लक्ष्य रखा है कार्यक्रम में अधिकारियों ने विस्तार से जानकारी दी और लोगों को जागरूक किया गया इस अवसर पर अनेक गणमान्य लोग उपस्थित रहे
युवाओं में अनुशासन, नेतृत्व और जिम्मेदारी की भावना विकसित करने का व्यापक आंदोलन है स्काउटिंग : खंडेलवाल
नई दिल्ली में शुरू हुआ दक्षिण एशियाई स्काउट जम्बूरी, 2 हिस्से हरियाणा से लेकर देश भर के युवा शामिल
राज्य में किसानों के लिए नई योजनाएं शुरू की गई हैं जिनसे कृषि उत्पादन और आय दोनों में वृद्धि होगी सरकार ने इस दिशा में ठोस कदम उठाए हैं और गांवों तक लाभ पहुंचाने का लक्ष्य रखा है कार्यक्रम में अधिकारियों ने विस्तार से जानकारी दी और लोगों को जागरूक किया गया इस अवसर पर अनेक गणमान्य लोग उपस्थित रहे राज्य में किसानों के लिए नई योजनाएं शुरू की गई हैं जिनसे कृषि उत्पादन और आय दोनों में वृद्धि होगी सरकार ने इस दिशा में ठोस कदम उठाए हैं और गांवों तक लाभ पहुंचाने का लक्ष्य रखा है कार्यक्रम में अधिकारियों ने विस्तार से जानकारी दी और लोगों को जागरूक किया गया इस अवसर पर अनेक गणमान्य लोग उपस्थित रहे राज्य में किसानों के लिए नई योजनाएं शुरू की गई हैं जिनसे कृषि उत्पादन और आय दोनों में वृद्धि होगी सरकार ने इस दिशा में ठोस कदम उठाए हैं और गांवों तक लाभ पहुंचाने का लक्ष्य रखा है कार्यक्रम में अधिकारियों ने विस्तार से जानकारी दी और लोगों को जागरूक किया गया इस अवसर पर अनेक गणमान्य लोग उपस्थित रहे राज्य में किसानों के लिए नई योजनाएं शुरू की गई हैं जिनसे कृषि उत्पादन और आय दोनों में वृद्धि होगी सरकार ने इस दिशा में ठोस कदम उठाए हैं और गांवों तक लाभ पहुंचाने का लक्ष्य रखा है कार्यक्रम में अधिकारियों ने विस्तार से जानकारी दी और लोगों को जागरूक किया गया इस अवसर पर अनेक गणमान्य लोग उपस्थित रहे
राज्य में किसानों के लिए नई योजनाएं शुरू की गई हैं जिनसे कृषि उत्पादन और आय दोनों में वृद्धि होगी सरकार ने इस दिशा में ठोस कदम उठाए हैं और गांवों तक लाभ पहुंचाने का लक्ष्य रखा है कार्यक्रम में अधिकारियों ने विस्तार से जानकारी दी और लोगों को जागरूक किया गया इस अवसर पर अनेक गणमान्य लोग उपस्थित रहे राज्य में किसानों के लिए नई योजनाएं शुरू की गई हैं जिनसे कृषि उत्पादन और आय दोनों में वृद्धि होगी सरकार ने इस दिशा में ठोस कदम उठाए हैं और गांवों तक लाभ पहुंचाने का लक्ष्य रखा है कार्यक्रम में अधिकारियों ने विस्तार से जानकारी दी और लोगों को जागरूक किया गया इस अवसर पर अनेक गणमान्य लोग उपस्थित रहे राज्य में किसानों के लिए नई योजनाएं शुरू की गई हैं जिनसे कृषि उत्पादन और आय दोनों में वृद्धि होगी सरकार ने इस दिशा में ठोस कदम उठाए हैं और गांवों तक लाभ पहुंचाने का लक्ष्य रखा है कार्यक्रम में अधिकारियों ने विस्तार से जानकारी दी और लोगों को जागरूक किया गया इस अवसर पर अनेक गणमान्य लोग उपस्थित रहे राज्य में किसानों के लिए नई योजनाएं शुरू की गई हैं जिनसे कृषि उत्पादन और आय दोनों में वृद्धि होगी सरकार ने इस दिशा में ठोस कदम उठाए हैं और गांवों तक लाभ पहुंचाने का लक्ष्य रखा है कार्यक्रम में अधिकारियों ने विस्तार से जानकारी दी और लोगों को जागरूक किया गया इस अवसर पर अनेक गणमान्य लोग उपस्थित रहे
राज्य में किसानों के लिए नई योजनाएं शुरू की गई हैं जिनसे कृषि उत्पादन और आय दोनों में वृद्धि होगी सरकार ने इस दिशा में ठोस कदम उठाए हैं और गांवों तक लाभ पहुंचाने का लक्ष्य रखा है कार्यक्रम में अधिकारियों ने विस्तार से जानकारी दी और लोगों को जागरूक किया गया इस अवसर पर अनेक गणमान्य लोग उपस्थित रहे राज्य में किसानों के लिए नई योजनाएं शुरू की गई हैं जिनसे कृषि उत्पादन और आय दोनों में वृद्धि होगी सरकार ने इस दिशा में ठोस कदम उठाए हैं और गांवों तक लाभ पहुंचाने का लक्ष्य रखा है कार्यक्रम में अधिकारियों ने विस्तार से जानकारी दी और लोगों को जागरूक किया गया इस अवसर पर अनेक गणमान्य लोग उपस्थित रहे राज्य में किसानों के लिए नई योजनाएं शुरू की गई हैं जिनसे कृषि उत्पादन और आय दोनों में वृद्धि होगी सरकार ने इस दिशा में ठोस कदम उठाए हैं और गांवों तक लाभ पहुंचाने का लक्ष्य रखा है कार्यक्रम में अधिकारियों ने विस्तार से जानकारी दी और लोगों को जागरूक किया गया इस अवसर पर अनेक गणमान्य लोग उपस्थित रहे राज्य में किसानों के लिए नई योजनाएं शुरू की गई हैं जिनसे कृषि उत्पादन और आय दोनों में वृद्धि होगी सरकार ने इस दिशा में ठोस कदम उठाए हैं और गांवों तक लाभ पहुंचाने का लक्ष्य रखा है कार्यक्रम में अधिकारियों ने विस्तार से जानकारी दी और लोगों को जागरूक किया गया इस अवसर पर अनेक गणमान्य लोग उपस्थित रहे
बिजली चोरी के खिलाफ विशेष अभियान में 10 करोड़ से अधिक की वसूली, 489 मामलों का निपटारा
राज्य में किसानों के लिए नई योजनाएं शुरू की गई हैं जिनसे कृषि उत्पादन और आय दोनों में वृद्धि होगी सरकार ने इस दिशा में ठोस कदम उठाए हैं और गांवों तक लाभ पहुंचाने का लक्ष्य रखा है कार्यक्रम में अधिकारियों ने विस्तार से जानकारी दी और लोगों को जागरूक किया गया इस अवसर पर अनेक गणमान्य लोग उपस्थित रहे राज्य में किसानों के लिए नई योजनाएं शुरू की गई हैं जिनसे कृषि उत्पादन और आय दोनों में वृद्धि होगी सरकार ने इस दिशा में ठोस कदम उठाए हैं और गांवों तक लाभ पहुंचाने का लक्ष्य रखा है कार्यक्रम में अधिकारियों ने विस्तार से जानकारी दी और लोगों को जागरूक किया गया इस अवसर पर अनेक गणमान्य लोग उपस्थित रहे राज्य में किसानों के लिए नई योजनाएं शुरू की गई हैं जिनसे कृषि उत्पादन और आय दोनों में वृद्धि होगी सरकार ने इस दिशा में ठोस कदम उठाए हैं और गांवों तक लाभ पहुंचाने का लक्ष्य रखा है कार्यक्रम में अधिकारियों ने विस्तार से जानकारी दी और लोगों को जागरूक किया गया इस अवसर पर अनेक गणमान्य लोग उपस्थित रहे राज्य में किसानों के लिए नई योजनाएं शुरू की गई हैं जिनसे कृषि उत्पादन और आय दोनों में वृद्धि होगी सरकार ने इस दिशा में ठोस कदम उठाए हैं और गांवों तक लाभ पहुंचाने का लक्ष्य रखा है कार्यक्रम में अधिकारियों ने विस्तार से जानकारी दी और लोगों को जागरूक किया गया इस अवसर पर अनेक गणमान्य लोग उपस्थित रहे
रवि किरण बोले-बिजली चोरी केवल अपराध नहीं, सामाजिक बुराई भी
राज्य में किसानों के लिए नई योजनाएं शुरू की गई हैं जिनसे कृषि उत्पादन और आय दोनों में वृद्धि होगी सरकार ने इस दिशा में ठोस कदम उठाए हैं और गांवों तक लाभ पहुंचाने का लक्ष्य रखा है कार्यक्रम में अधिकारियों ने विस्तार से जानकारी दी और लोगों को जागरूक किया गया इस अवसर पर अनेक गणमान्य लोग उपस्थित रहे राज्य में किसानों के लिए नई योजनाएं शुरू की गई हैं जिनसे कृषि उत्पादन और आय दोनों में वृद्धि होगी सरकार ने इस दिशा में ठोस कदम उठाए हैं और गांवों तक लाभ पहुंचाने का लक्ष्य रखा है कार्यक्रम में अधिकारियों ने विस्तार से जानकारी दी और लोगों को जागरूक किया गया इस अवसर पर अनेक गणमान्य लोग उपस्थित रहे राज्य में किसानों के लिए नई योजनाएं शुरू की गई हैं जिनसे कृषि उत्पादन और आय दोनों में वृद्धि होगी सरकार ने इस दिशा में ठोस कदम उठाए हैं और गांवों तक लाभ पहुंचाने का लक्ष्य रखा है कार्यक्रम में अधिकारियों ने विस्तार से जानकारी दी और लोगों को जागरूक किया गया इस अवसर पर अनेक गणमान्य लोग उपस्थित रहे राज्य में किसानों के लिए नई योजनाएं शुरू की गई हैं जिनसे कृषि उत्पादन और आय दोनों में वृद्धि होगी सरकार ने इस दिशा में ठोस कदम उठाए हैं और गांवों तक लाभ पहुंचाने का लक्ष्य रखा है कार्यक्रम में अधिकारियों ने विस्तार से जानकारी दी और लोगों को जागरूक किया गया इस अवसर पर अनेक गणमान्य लोग उपस्थित रहे
सरकार ने झूठ कहा, कर्मचारियों की हड़ताल को बदनाम करने का प्रयास : नगरपालिका कर्मचारी संघ
राज्य में किसानों के लिए नई योजनाएं शुरू की गई हैं जिनसे कृषि उत्पादन और आय दोनों में वृद्धि होगी सरकार ने इस दिशा में ठोस कदम उठाए हैं और गांवों तक लाभ पहुंचाने का लक्ष्य रखा है कार्यक्रम में अधिकारियों ने विस्तार से जानकारी दी और लोगों को जागरूक किया गया इस अवसर पर अनेक गणमान्य लोग उपस्थित रहे राज्य में किसानों के लिए नई योजनाएं शुरू की गई हैं जिनसे कृषि उत्पादन और आय दोनों में वृद्धि होगी सरकार ने इस दिशा में ठोस कदम उठाए हैं और गांवों तक लाभ पहुंचाने का लक्ष्य रखा है कार्यक्रम में अधिकारियों ने विस्तार से जानकारी दी और लोगों को जागरूक किया गया इस अवसर पर अनेक गणमान्य लोग उपस्थित रहे राज्य में किसानों के लिए नई योजनाएं शुरू की गई हैं जिनसे कृषि उत्पादन और आय दोनों में वृद्धि होगी सरकार ने इस दिशा में ठोस कदम उठाए हैं और गांवों तक लाभ पहुंचाने का लक्ष्य रखा है कार्यक्रम में अधिकारियों ने विस्तार से जानकारी दी और लोगों को जागरूक किया गया इस अवसर पर अनेक गणमान्य लोग उपस्थित रहे राज्य में किसानों के लिए नई योजनाएं शुरू की गई हैं जिनसे कृषि उत्पादन और आय दोनों में वृद्धि होगी सरकार ने इस दिशा में ठोस कदम उठाए हैं और गांवों तक लाभ पहुंचाने का लक्ष्य रखा है कार्यक्रम में अधिकारियों ने विस्तार से जानकारी दी और लोगों को जागरूक किया गया इस अवसर पर अनेक गणमान्य लोग उपस्थित रहे
राज्य में किसानों के लिए नई योजनाएं शुरू की गई हैं जिनसे कृषि उत्पादन और आय दोनों में वृद्धि होगी सरकार ने इस दिशा में ठोस कदम उठाए हैं और गांवों तक लाभ पहुंचाने का लक्ष्य रखा है कार्यक्रम में अधिकारियों ने विस्तार से जानकारी दी और लोगों को जागरूक किया गया इस अवसर पर अनेक गणमान्य लोग उपस्थित रहे राज्य में किसानों के लिए नई योजनाएं शुरू की गई हैं जिनसे कृषि उत्पादन और आय दोनों में वृद्धि होगी सरकार ने इस दिशा में ठोस कदम उठाए हैं और गांवों तक लाभ पहुंचाने का लक्ष्य रखा है कार्यक्रम में अधिकारियों ने विस्तार से जानकारी दी और लोगों को जागरूक किया गया इस अवसर पर अनेक गणमान्य लोग उपस्थित रहे राज्य में किसानों के लिए नई योजनाएं शुरू की गई हैं जिनसे कृषि उत्पादन और आय दोनों में वृद्धि होगी सरकार ने इस दिशा में ठोस कदम उठाए हैं और गांवों तक लाभ पहुंचाने का लक्ष्य रखा है कार्यक्रम में अधिकारियों ने विस्तार से जानकारी दी और लोगों को जागरूक किया गया इस अवसर पर अनेक गणमान्य लोग उपस्थित रहे राज्य में किसानों के लिए नई योजनाएं शुरू की गई हैं जिनसे कृषि उत्पादन और आय दोनों में वृद्धि होगी सरकार ने इस दिशा में ठोस कदम उठाए हैं और गांवों तक लाभ पहुंचाने का लक्ष्य रखा है कार्यक्रम में अधिकारियों ने विस्तार से जानकारी दी और लोगों को जागरूक किया गया इस अवसर पर अनेक गणमान्य लोग उपस्थित रहे
राज्य में किसानों के लिए नई योजनाएं शुरू की गई हैं जिनसे कृषि उत्पादन और आय दोनों में वृद्धि होगी सरकार ने इस दिशा में ठोस कदम उठाए हैं और गांवों तक लाभ पहुंचाने का लक्ष्य रखा है कार्यक्रम में अधिकारियों ने विस्तार से जानकारी दी और लोगों को जागरूक किया गया इस अवसर पर अनेक गणमान्य लोग उपस्थित रहे राज्य में किसानों के लिए नई योजनाएं शुरू की गई हैं जिनसे कृषि उत्पादन और आय दोनों में वृद्धि होगी सरकार ने इस दिशा में ठोस कदम उठाए हैं और गांवों तक लाभ पहुंचाने का लक्ष्य रखा है कार्यक्रम में अधिकारियों ने विस्तार से जानकारी दी और लोगों को जागरूक किया गया इस अवसर पर अनेक गणमान्य लोग उपस्थित रहे राज्य में किसानों के लिए नई योजनाएं शुरू की गई हैं जिनसे कृषि उत्पादन और आय दोनों में वृद्धि होगी सरकार ने इस दिशा में ठोस कदम उठाए हैं और गांवों तक लाभ पहुंचाने का लक्ष्य रखा है कार्यक्रम में अधिकारियों ने विस्तार से जानकारी दी और लोगों को जागरूक किया गया इस अवसर पर अनेक गणमान्य लोग उपस्थित रहे राज्य में किसानों के लिए नई योजनाएं शुरू की गई हैं जिनसे कृषि उत्पादन और आय दोनों में वृद्धि होगी सरकार ने इस दिशा में ठोस कदम उठाए हैं और गांवों तक लाभ पहुंचाने का लक्ष्य रखा है कार्यक्रम में अधिकारियों ने विस्तार से जानकारी दी और लोगों को जागरूक किया गया इस अवसर पर अनेक गणमान्य लोग उपस्थित रहे
अभियुक्त की हाज़िरी की अपेक्षा करने वाली उदघोषणा
धारा 82 (2)(ii) Cr.P.C. देखिए
राज्य में किसानों के लिए नई योजनाएं शुरू की गई हैं जिनसे कृषि उत्पादन और आय दोनों में वृद्धि होगी सरकार ने इस दिशा में ठोस कदम उठाए हैं और गांवों तक लाभ पहुंचाने का लक्ष्य रखा है कार्यक्रम में अधिकारियों ने विस्तार से जानकारी दी और लोगों को जागरूक किया गया इस अवसर पर अनेक गणमान्य लोग उपस्थित रहे राज्य में किसानों के लिए नई योजनाएं शुरू की गई हैं जिनसे कृषि उत्पादन और आय दोनों में वृद्धि होगी सरकार ने इस दिशा में ठोस कदम उठाए हैं और गांवों तक लाभ पहुंचाने का लक्ष्य रखा है कार्यक्रम में अधिकारियों ने विस्तार से जानकारी दी और लोगों को जागरूक किया गया इस अवसर पर अनेक गणमान्य लोग उपस्थित रहे राज्य में किसानों के लिए नई योजनाएं शुरू की गई हैं जिनसे कृषि उत्पादन और आय दोनों में वृद्धि होगी सरकार ने इस दिशा में ठोस कदम उठाए हैं और गांवों तक लाभ पहुंचाने का लक्ष्य रखा है कार्यक्रम में अधिकारियों ने विस्तार से जानकारी दी और लोगों को जागरूक किया गया इस अवसर पर अनेक गणमान्य लोग उपस्थित रहे राज्य में किसानों के लिए नई योजनाएं शुरू की गई हैं जिनसे कृषि उत्पादन और आय दोनों में वृद्धि होगी सरकार ने इस दिशा में ठोस कदम उठाए हैं और गांवों तक लाभ पहुंचाने का लक्ष्य रखा है कार्यक्रम में अधिकारियों ने विस्तार से जानकारी दी और लोगों को जागरूक किया गया इस अवसर पर अनेक गणमान्य लोग उपस्थित रहे
न्यायिक मजिस्ट्रेट प्रथम श्रेणी
DP/11908/RD/2026 (Court Matter)
